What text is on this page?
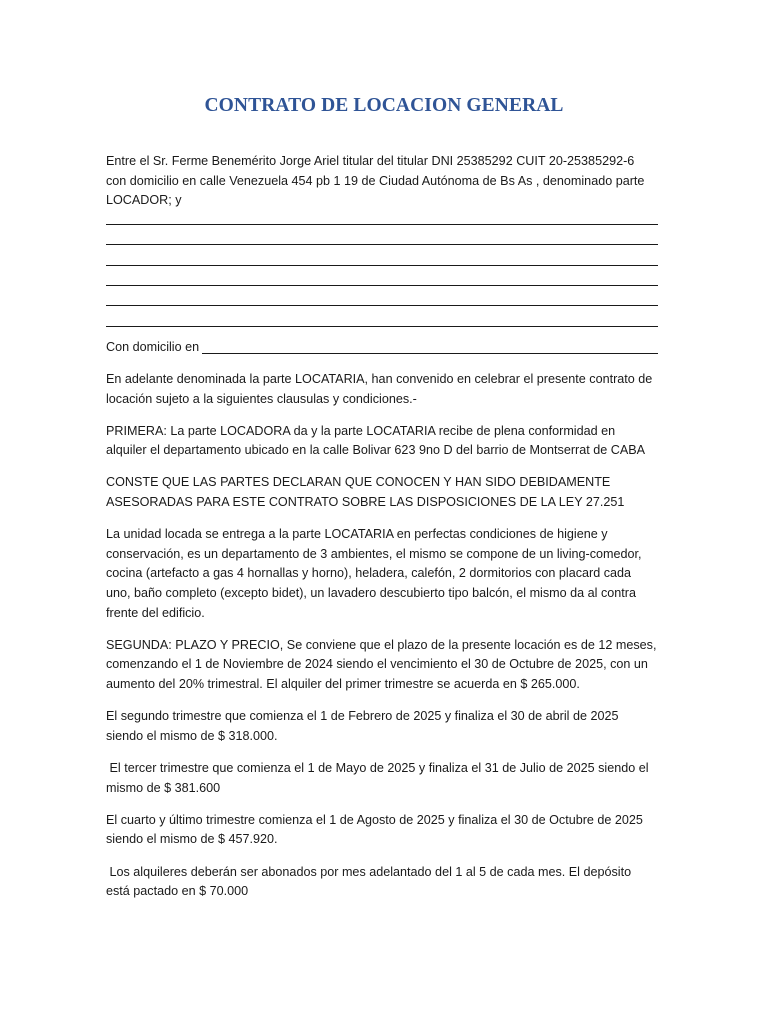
CONTRATO DE LOCACION GENERAL

Entre el Sr. Ferme Benemérito Jorge Ariel titular del titular DNI 25385292 CUIT 20-25385292-6 con domicilio en calle Venezuela 454 pb 1 19 de Ciudad Autónoma de Bs As , denominado parte LOCADOR; y

Con domicilio en

En adelante denominada la parte LOCATARIA, han convenido en celebrar el presente contrato de locación sujeto a la siguientes clausulas y condiciones.-

PRIMERA: La parte LOCADORA da y la parte LOCATARIA recibe de plena conformidad en alquiler el departamento ubicado en la calle Bolivar 623 9no D del barrio de Montserrat de CABA

CONSTE QUE LAS PARTES DECLARAN QUE CONOCEN Y HAN SIDO DEBIDAMENTE ASESORADAS PARA ESTE CONTRATO SOBRE LAS DISPOSICIONES DE LA LEY 27.251

La unidad locada se entrega a la parte LOCATARIA en perfectas condiciones de higiene y conservación, es un departamento de 3 ambientes, el mismo se compone de un living-comedor, cocina (artefacto a gas 4 hornallas y horno), heladera, calefón, 2 dormitorios con placard cada uno, baño completo (excepto bidet), un lavadero descubierto tipo balcón, el mismo da al contra frente del edificio.

SEGUNDA: PLAZO Y PRECIO, Se conviene que el plazo de la presente locación es de 12 meses, comenzando el 1 de Noviembre de 2024 siendo el vencimiento el 30 de Octubre de 2025, con un aumento del 20% trimestral. El alquiler del primer trimestre se acuerda en $ 265.000.

El segundo trimestre que comienza el 1 de Febrero de 2025 y finaliza el 30 de abril de 2025 siendo el mismo de $ 318.000.

El tercer trimestre que comienza el 1 de Mayo de 2025 y finaliza el 31 de Julio de 2025 siendo el mismo de $ 381.600

El cuarto y último trimestre comienza el 1 de Agosto de 2025 y finaliza el 30 de Octubre de 2025 siendo el mismo de $ 457.920.

Los alquileres deberán ser abonados por mes adelantado del 1 al 5 de cada mes. El depósito está pactado en $ 70.000
